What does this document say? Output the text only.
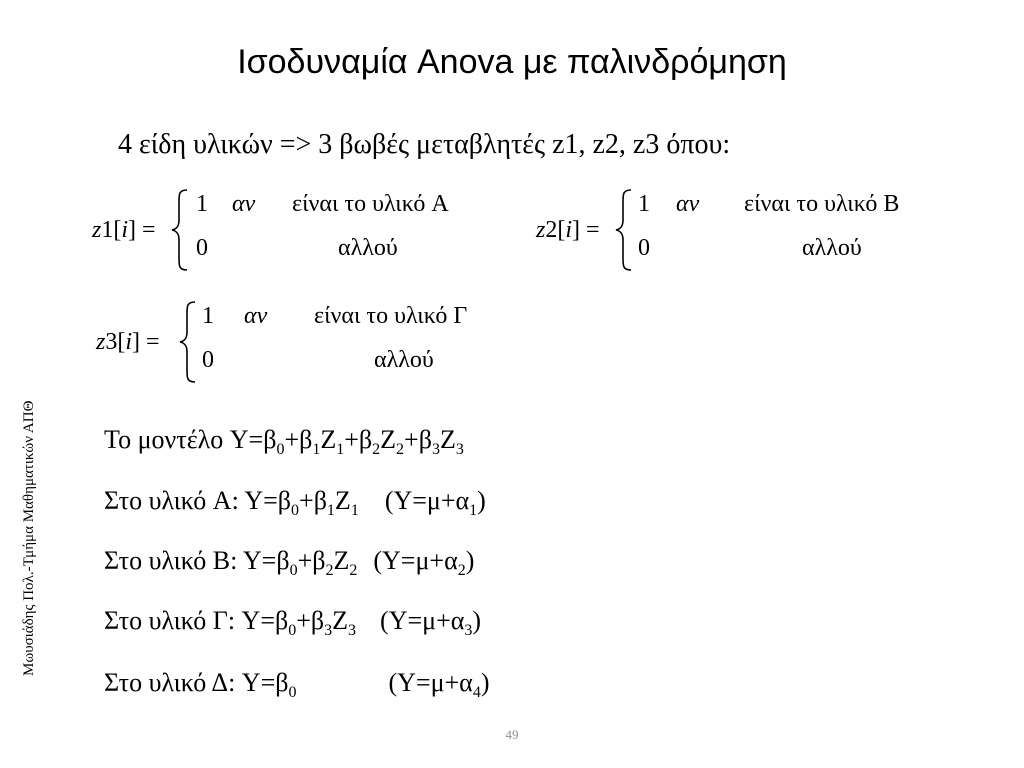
Ισοδυναμία Anova με παλινδρόμηση
4 είδη υλικών => 3 βωβές μεταβλητές z1, z2, z3 όπου:
Μωυσιάδης Πολ.-Τμήμα Μαθηματικών ΑΠΘ
z1[i] =
1 αν είναι το υλικό A
0	αλλού
z2[i] =
1 αν είναι το υλικό B
0	αλλού
z3[i] =
1 αν είναι το υλικό Γ
0	αλλού
Το μοντέλο $Y=\beta_0+\beta_1Z_1+\beta_2Z_2+\beta_3Z_3$
Στο υλικό A: $Y=\beta_0+\beta_1Z_1$ $(Y=\mu+\alpha_1)$
Στο υλικό B: $Y=\beta_0+\beta_2Z_2$ $(Y=\mu+\alpha_2)$
Στο υλικό Γ: $Y=\beta_0+\beta_3Z_3$ $(Y=\mu+\alpha_3)$
Στο υλικό Δ: $Y=\beta_0$	$(Y=\mu+\alpha_4)$
49
